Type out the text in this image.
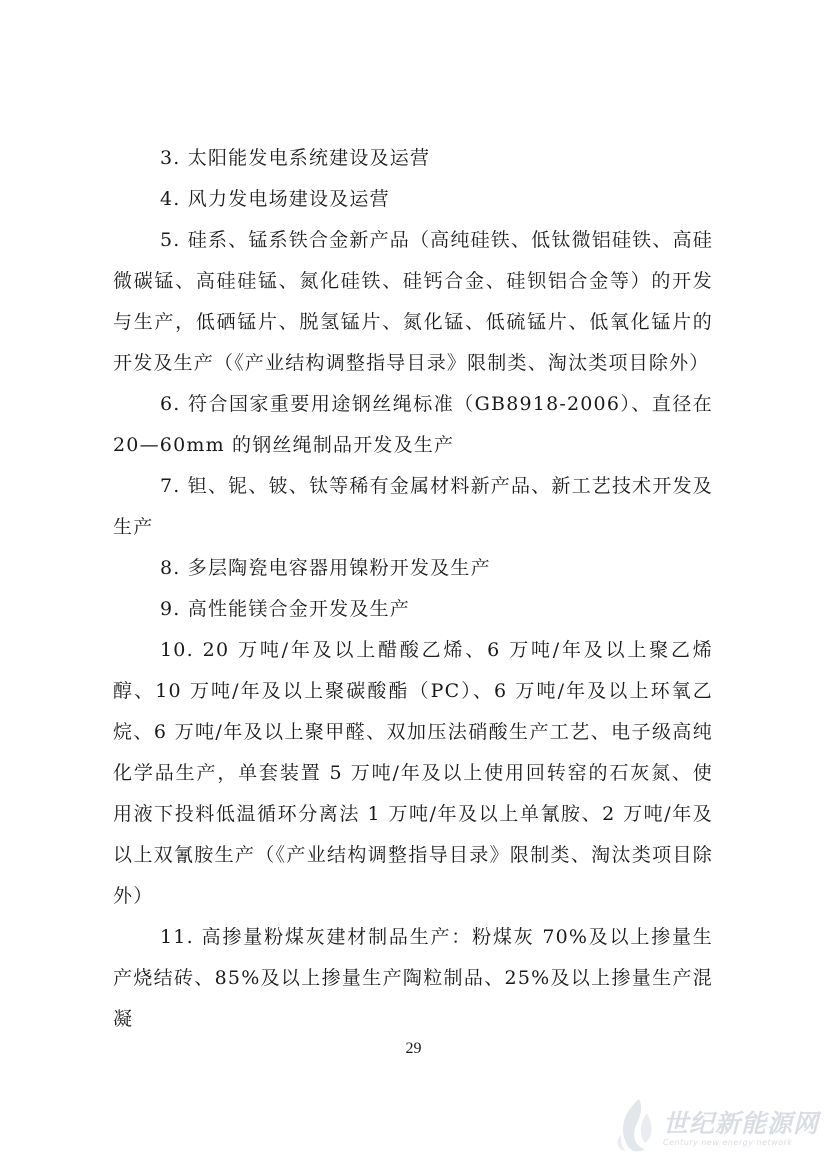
3. 太阳能发电系统建设及运营

4. 风力发电场建设及运营

5. 硅系、锰系铁合金新产品（高纯硅铁、低钛微铝硅铁、高硅微碳锰、高硅硅锰、氮化硅铁、硅钙合金、硅钡铝合金等）的开发与生产，低硒锰片、脱氢锰片、氮化锰、低硫锰片、低氧化锰片的开发及生产（《产业结构调整指导目录》限制类、淘汰类项目除外）

6. 符合国家重要用途钢丝绳标准（GB8918-2006）、直径在20—60mm 的钢丝绳制品开发及生产

7. 钽、铌、铍、钛等稀有金属材料新产品、新工艺技术开发及生产

8. 多层陶瓷电容器用镍粉开发及生产

9. 高性能镁合金开发及生产

10. 20 万吨/年及以上醋酸乙烯、6 万吨/年及以上聚乙烯醇、10 万吨/年及以上聚碳酸酯（PC）、6 万吨/年及以上环氧乙烷、6 万吨/年及以上聚甲醛、双加压法硝酸生产工艺、电子级高纯化学品生产，单套装置 5 万吨/年及以上使用回转窑的石灰氮、使用液下投料低温循环分离法 1 万吨/年及以上单氰胺、2 万吨/年及以上双氰胺生产（《产业结构调整指导目录》限制类、淘汰类项目除外）

11. 高掺量粉煤灰建材制品生产：粉煤灰 70%及以上掺量生产烧结砖、85%及以上掺量生产陶粒制品、25%及以上掺量生产混凝

29
世纪新能源网
Century new energy network
